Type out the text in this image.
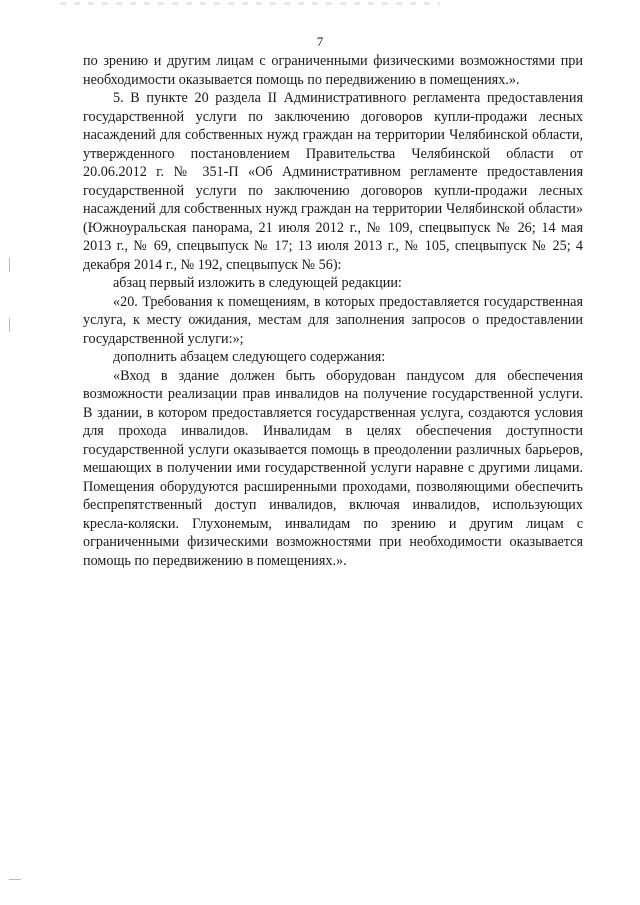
7

по зрению и другим лицам с ограниченными физическими возможностями при необходимости оказывается помощь по передвижению в помещениях.».

5. В пункте 20 раздела II Административного регламента предоставления государственной услуги по заключению договоров купли-продажи лесных насаждений для собственных нужд граждан на территории Челябинской области, утвержденного постановлением Правительства Челябинской области от 20.06.2012 г. № 351-П «Об Административном регламенте предоставления государственной услуги по заключению договоров купли-продажи лесных насаждений для собственных нужд граждан на территории Челябинской области» (Южноуральская панорама, 21 июля 2012 г., № 109, спецвыпуск № 26; 14 мая 2013 г., № 69, спецвыпуск № 17; 13 июля 2013 г., № 105, спецвыпуск № 25; 4 декабря 2014 г., № 192, спецвыпуск № 56):

абзац первый изложить в следующей редакции:

«20. Требования к помещениям, в которых предоставляется государственная услуга, к месту ожидания, местам для заполнения запросов о предоставлении государственной услуги:»;

дополнить абзацем следующего содержания:

«Вход в здание должен быть оборудован пандусом для обеспечения возможности реализации прав инвалидов на получение государственной услуги. В здании, в котором предоставляется государственная услуга, создаются условия для прохода инвалидов. Инвалидам в целях обеспечения доступности государственной услуги оказывается помощь в преодолении различных барьеров, мешающих в получении ими государственной услуги наравне с другими лицами. Помещения оборудуются расширенными проходами, позволяющими обеспечить беспрепятственный доступ инвалидов, включая инвалидов, использующих кресла-коляски. Глухонемым, инвалидам по зрению и другим лицам с ограниченными физическими возможностями при необходимости оказывается помощь по передвижению в помещениях.».
